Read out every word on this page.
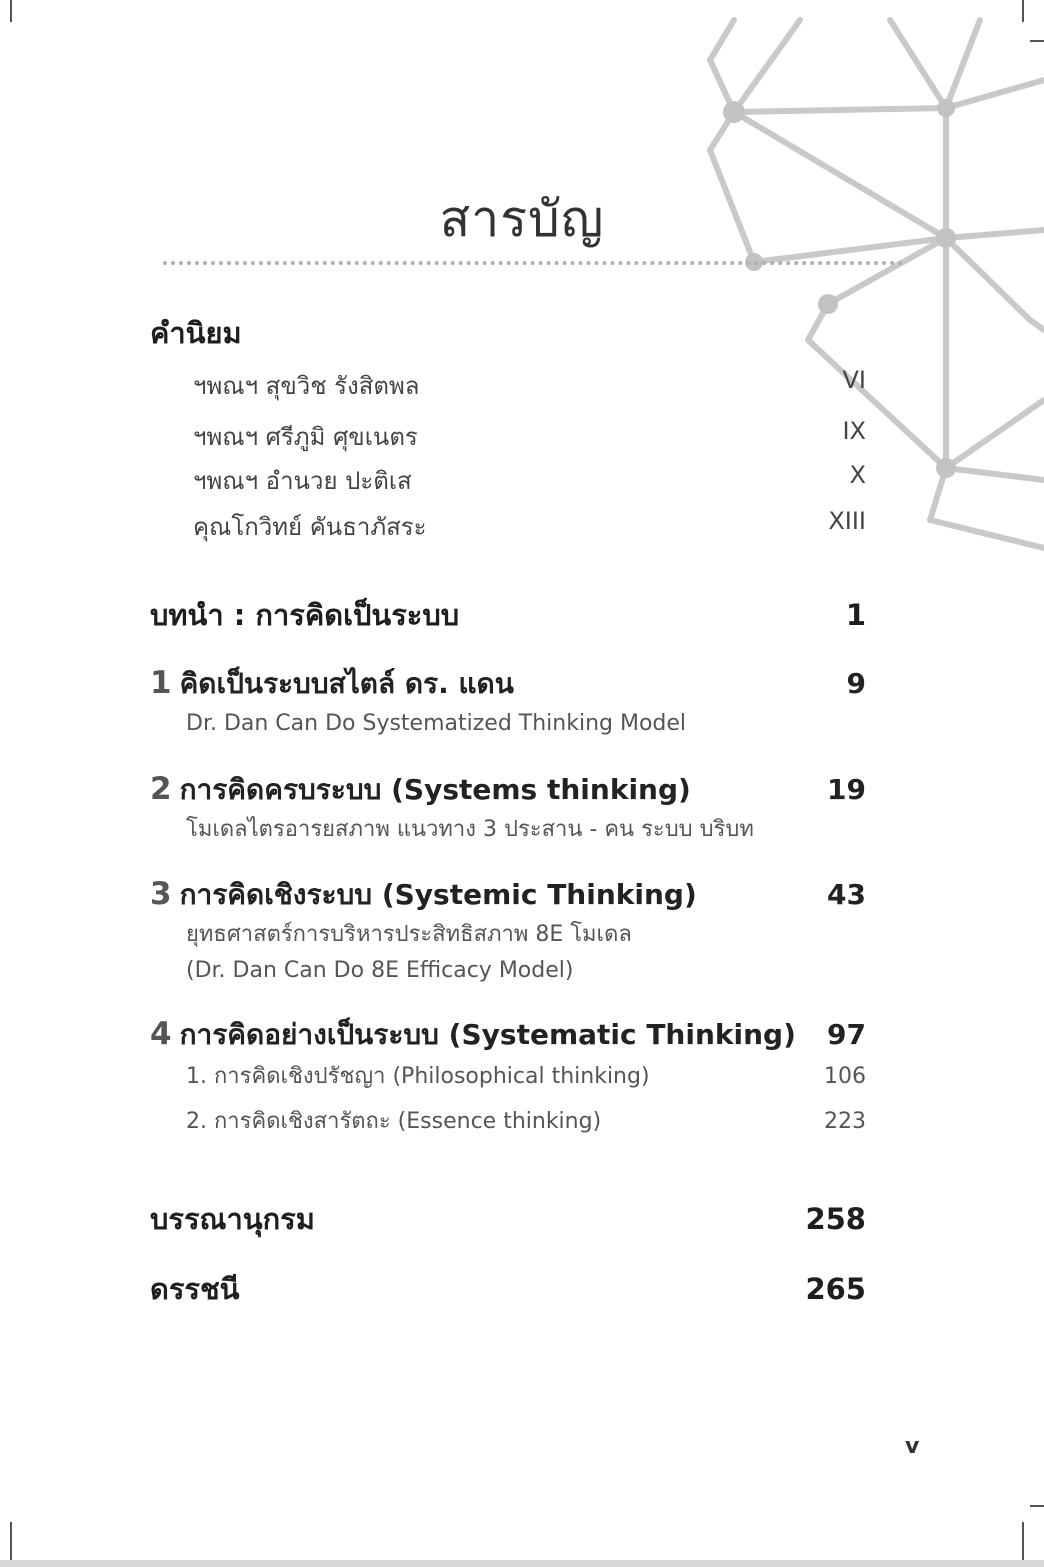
สารบัญ
คำนิยม
ฯพณฯ สุขวิช รังสิตพล	VI
ฯพณฯ ศรีภูมิ ศุขเนตร	IX
ฯพณฯ อำนวย ปะติเส	X
คุณโกวิทย์ คันธาภัสระ	XIII
บทนำ : การคิดเป็นระบบ	1
1 คิดเป็นระบบสไตล์ ดร. แดน	9
Dr. Dan Can Do Systematized Thinking Model
2 การคิดครบระบบ (Systems thinking)	19
โมเดลไตรอารยสภาพ แนวทาง 3 ประสาน - คน ระบบ บริบท
3 การคิดเชิงระบบ (Systemic Thinking)	43
ยุทธศาสตร์การบริหารประสิทธิสภาพ 8E โมเดล
(Dr. Dan Can Do 8E Efficacy Model)
4 การคิดอย่างเป็นระบบ (Systematic Thinking) 97
1. การคิดเชิงปรัชญา (Philosophical thinking)	106
2. การคิดเชิงสารัตถะ (Essence thinking)	223
บรรณานุกรม	258
ดรรชนี	265
v
